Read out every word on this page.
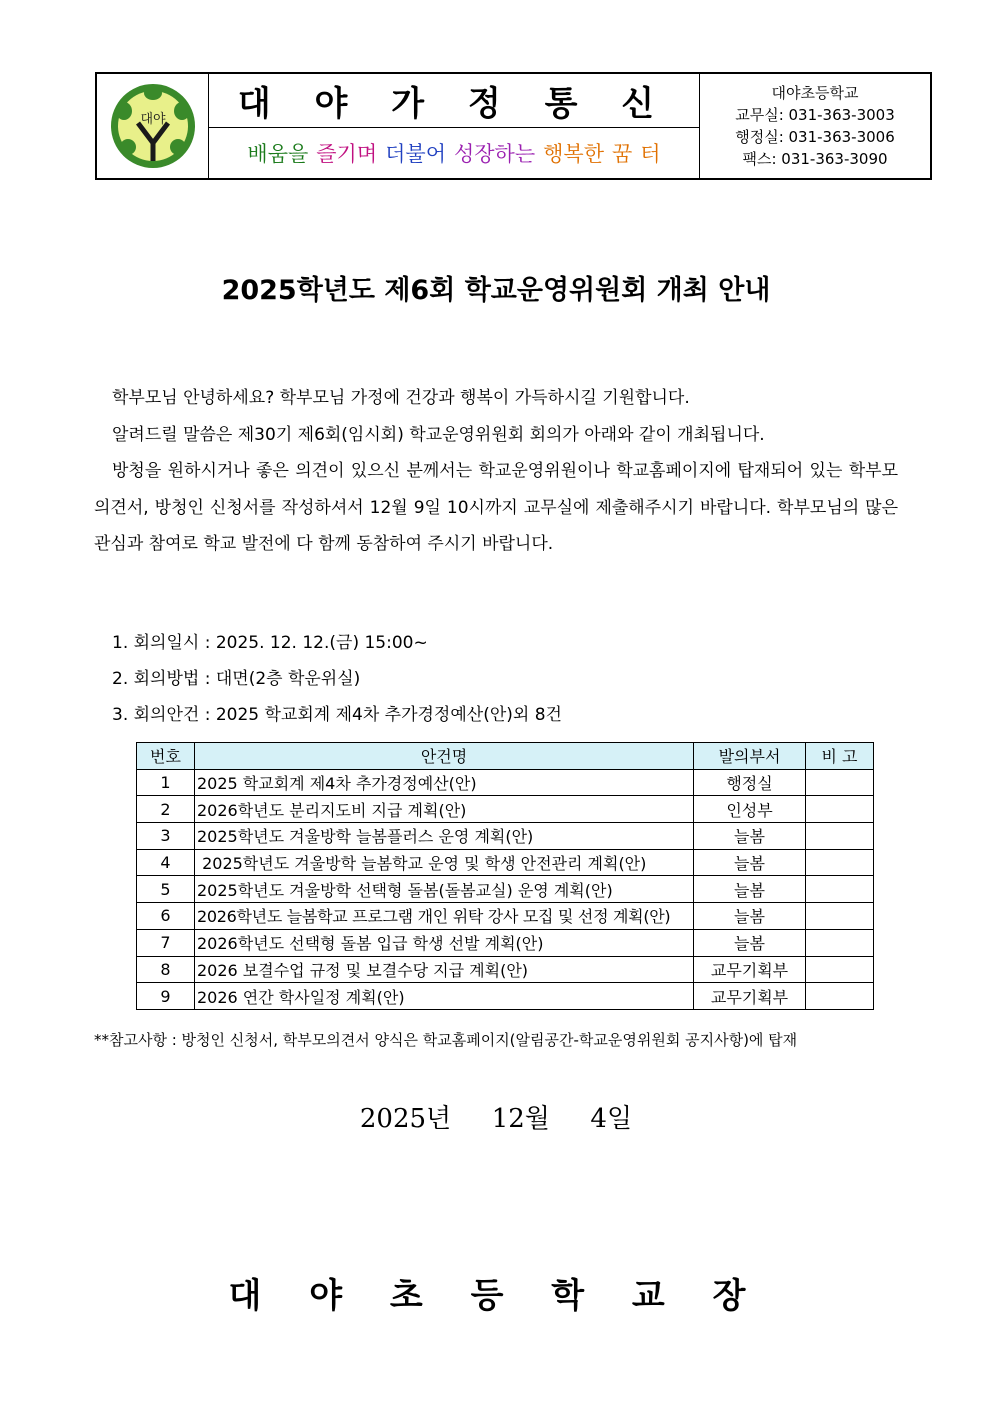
대야	대 야 가 정 통 신
배움을 즐기며 더불어 성장하는 행복한 꿈 터
대야초등학교
교무실: 031-363-3003
행정실: 031-363-3006
팩스: 031-363-3090
2025학년도 제6회 학교운영위원회 개최 안내

학부모님 안녕하세요? 학부모님 가정에 건강과 행복이 가득하시길 기원합니다.

알려드릴 말씀은 제30기 제6회(임시회) 학교운영위원회 회의가 아래와 같이 개최됩니다.

방청을 원하시거나 좋은 의견이 있으신 분께서는 학교운영위원이나 학교홈페이지에 탑재되어 있는 학부모의견서, 방청인 신청서를 작성하셔서 12월 9일 10시까지 교무실에 제출해주시기 바랍니다. 학부모님의 많은 관심과 참여로 학교 발전에 다 함께 동참하여 주시기 바랍니다.

1. 회의일시 : 2025. 12. 12.(금) 15:00~
2. 회의방법 : 대면(2층 학운위실)
3. 회의안건 : 2025 학교회계 제4차 추가경정예산(안)외 8건
번호	안건명	발의부서	비 고
1	2025 학교회계 제4차 추가경정예산(안)	행정실	
2	2026학년도 분리지도비 지급 계획(안)	인성부	
3	2025학년도 겨울방학 늘봄플러스 운영 계획(안)	늘봄	
4	2025학년도 겨울방학 늘봄학교 운영 및 학생 안전관리 계획(안)	늘봄	
5	2025학년도 겨울방학 선택형 돌봄(돌봄교실) 운영 계획(안)	늘봄	
6	2026학년도 늘봄학교 프로그램 개인 위탁 강사 모집 및 선정 계획(안)	늘봄	
7	2026학년도 선택형 돌봄 입급 학생 선발 계획(안)	늘봄	
8	2026 보결수업 규정 및 보결수당 지급 계획(안)	교무기획부	
9	2026 연간 학사일정 계획(안)	교무기획부	
**참고사항 : 방청인 신청서, 학부모의견서 양식은 학교홈페이지(알림공간-학교운영위원회 공지사항)에 탑재
2025년  12월  4일
대 야 초 등 학 교 장
